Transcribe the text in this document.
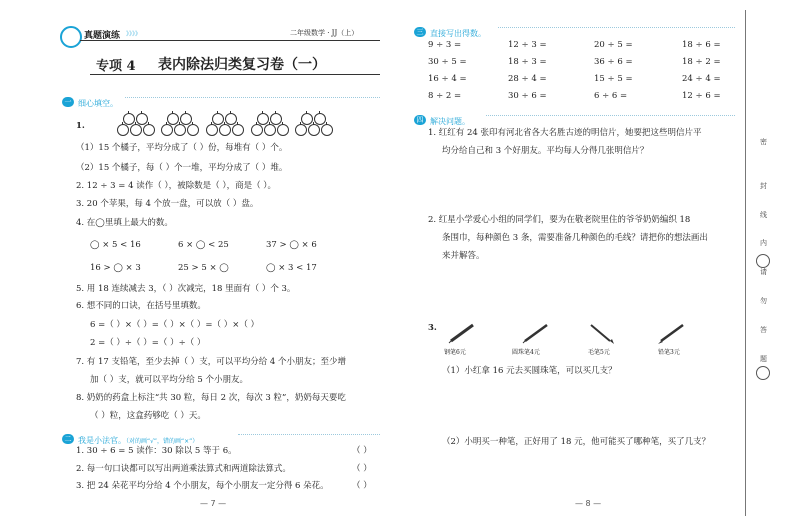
真题演练 》》》》	二年级数学 · JJ（上）
专项 4 表内除法归类复习卷（一）
一 细心填空。
1.
（1）15 个橘子，平均分成了（ ）份，每堆有（ ）个。
（2）15 个橘子，每（ ）个一堆，平均分成了（ ）堆。
2. 12 ÷ 3 = 4 读作（ ），被除数是（ ），商是（ ）。
3. 20 个苹果，每 4 个放一盘，可以放（ ）盘。
4. 在◯里填上最大的数。
◯ × 5 < 16	6 × ◯ < 25	37 > ◯ × 6
16 > ◯ × 3	25 > 5 × ◯	◯ × 3 < 17
5. 用 18 连续减去 3，（ ）次减完，18 里面有（ ）个 3。
6. 想不同的口诀，在括号里填数。
6 =（ ）×（ ）=（ ）×（ ）=（ ）×（ ）
2 =（ ）÷（ ）=（ ）÷（ ）
7. 有 17 支铅笔，至少去掉（ ）支，可以平均分给 4 个小朋友；至少增
加（ ）支，就可以平均分给 5 个小朋友。
8. 奶奶的药盒上标注“共 30 粒，每日 2 次，每次 3 粒”，奶奶每天要吃
（ ）粒，这盒药够吃（ ）天。
二 我是小法官。（对的画“√”，错的画“×”）
1. 30 ÷ 6 = 5 读作：30 除以 5 等于 6。	（ ）
2. 每一句口诀都可以写出两道乘法算式和两道除法算式。	（ ）
3. 把 24 朵花平均分给 4 个小朋友，每个小朋友一定分得 6 朵花。	（ ）
— 7 —
三 直接写出得数。
9 ÷ 3 =	12 ÷ 3 =	20 ÷ 5 =	18 ÷ 6 =
30 ÷ 5 =	18 ÷ 3 =	36 ÷ 6 =	18 ÷ 2 =
16 ÷ 4 =	28 ÷ 4 =	15 ÷ 5 =	24 ÷ 4 =
8 ÷ 2 =	30 ÷ 6 =	6 ÷ 6 =	12 ÷ 6 =
四 解决问题。
1. 红红有 24 张印有河北省各大名胜古迹的明信片，她要把这些明信片平
均分给自己和 3 个好朋友。平均每人分得几张明信片？
2. 红星小学爱心小组的同学们，要为在敬老院里住的爷爷奶奶编织 18
条围巾，每种颜色 3 条，需要准备几种颜色的毛线？请把你的想法画出
来并解答。
3.
钢笔6元	圆珠笔4元	毛笔5元	铅笔3元
（1）小红拿 16 元去买圆珠笔，可以买几支？
（2）小明买一种笔，正好用了 18 元，他可能买了哪种笔，买了几支？
— 8 —
密
封
线
内
请
勿
答
题
